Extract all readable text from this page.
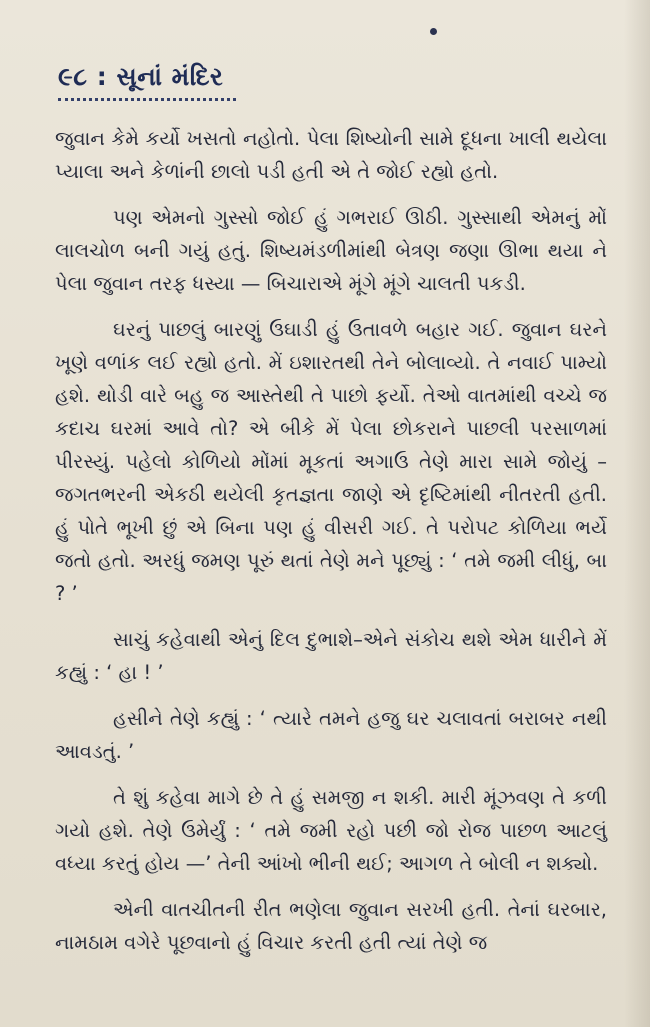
૯૮ : સૂનાં મંદિર

જુવાન કેમે કર્યો ખસતો નહોતો. પેલા શિષ્યોની સામે દૂધના ખાલી થયેલા પ્યાલા અને કેળાંની છાલો પડી હતી એ તે જોઈ રહ્યો હતો.

પણ એમનો ગુસ્સો જોઈ હું ગભરાઈ ઊઠી. ગુસ્સાથી એમનું મોં લાલચોળ બની ગયું હતું. શિષ્યમંડળીમાંથી બેત્રણ જણા ઊભા થયા ને પેલા જુવાન તરફ ધસ્યા — બિચારાએ મૂંગે મૂંગે ચાલતી પકડી.

ઘરનું પાછલું બારણું ઉઘાડી હું ઉતાવળે બહાર ગઈ. જુવાન ઘરને ખૂણે વળાંક લઈ રહ્યો હતો. મેં ઇશારતથી તેને બોલાવ્યો. તે નવાઈ પામ્યો હશે. થોડી વારે બહુ જ આસ્તેથી તે પાછો ફર્યો. તેઓ વાતમાંથી વચ્ચે જ કદાચ ઘરમાં આવે તો? એ બીકે મેં પેલા છોકરાને પાછલી પરસાળમાં પીરસ્યું. પહેલો કોળિયો મોંમાં મૂકતાં અગાઉ તેણે મારા સામે જોયું – જગતભરની એકઠી થયેલી કૃતજ્ઞતા જાણે એ દૃષ્ટિમાંથી નીતરતી હતી. હું પોતે ભૂખી છું એ બિના પણ હું વીસરી ગઈ. તે પરોપટ કોળિયા ભર્યે જતો હતો. અરધું જમણ પૂરું થતાં તેણે મને પૂછ્યું : ‘ તમે જમી લીધું, બા ? ’

સાચું કહેવાથી એનું દિલ દુભાશે–એને સંકોચ થશે એમ ધારીને મેં કહ્યું : ‘ હા ! ’

હસીને તેણે કહ્યું : ‘ ત્યારે તમને હજુ ઘર ચલાવતાં બરાબર નથી આવડતું. ’

તે શું કહેવા માગે છે તે હું સમજી ન શકી. મારી મૂંઝવણ તે કળી ગયો હશે. તેણે ઉમેર્યું : ‘ તમે જમી રહો પછી જો રોજ પાછળ આટલું વધ્યા કરતું હોય —’ તેની આંખો ભીની થઈ; આગળ તે બોલી ન શક્યો.

એની વાતચીતની રીત ભણેલા જુવાન સરખી હતી. તેનાં ઘરબાર, નામઠામ વગેરે પૂછવાનો હું વિચાર કરતી હતી ત્યાં તેણે જ
